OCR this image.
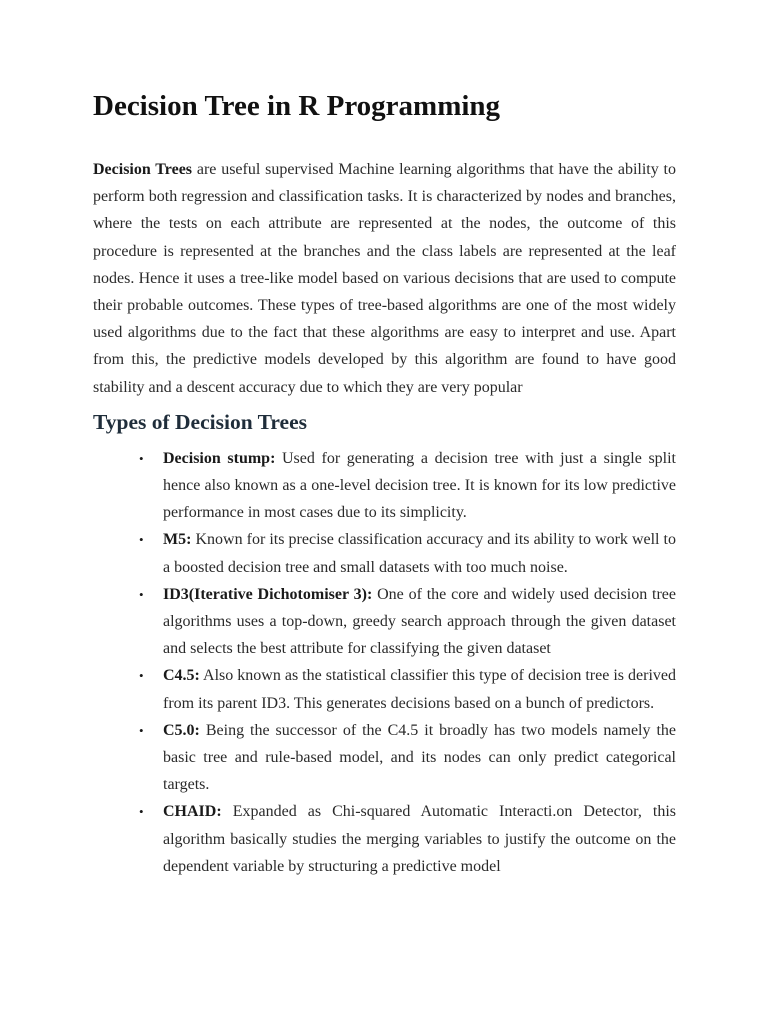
Decision Tree in R Programming

Decision Trees are useful supervised Machine learning algorithms that have the ability to perform both regression and classification tasks. It is characterized by nodes and branches, where the tests on each attribute are represented at the nodes, the outcome of this procedure is represented at the branches and the class labels are represented at the leaf nodes. Hence it uses a tree-like model based on various decisions that are used to compute their probable outcomes. These types of tree-based algorithms are one of the most widely used algorithms due to the fact that these algorithms are easy to interpret and use. Apart from this, the predictive models developed by this algorithm are found to have good stability and a descent accuracy due to which they are very popular

Types of Decision Trees
• Decision stump: Used for generating a decision tree with just a single split hence also known as a one-level decision tree. It is known for its low predictive performance in most cases due to its simplicity.
• M5: Known for its precise classification accuracy and its ability to work well to a boosted decision tree and small datasets with too much noise.
• ID3(Iterative Dichotomiser 3): One of the core and widely used decision tree algorithms uses a top-down, greedy search approach through the given dataset and selects the best attribute for classifying the given dataset
• C4.5: Also known as the statistical classifier this type of decision tree is derived from its parent ID3. This generates decisions based on a bunch of predictors.
• C5.0: Being the successor of the C4.5 it broadly has two models namely the basic tree and rule-based model, and its nodes can only predict categorical targets.
• CHAID: Expanded as Chi-squared Automatic Interacti.on Detector, this algorithm basically studies the merging variables to justify the outcome on the dependent variable by structuring a predictive model
